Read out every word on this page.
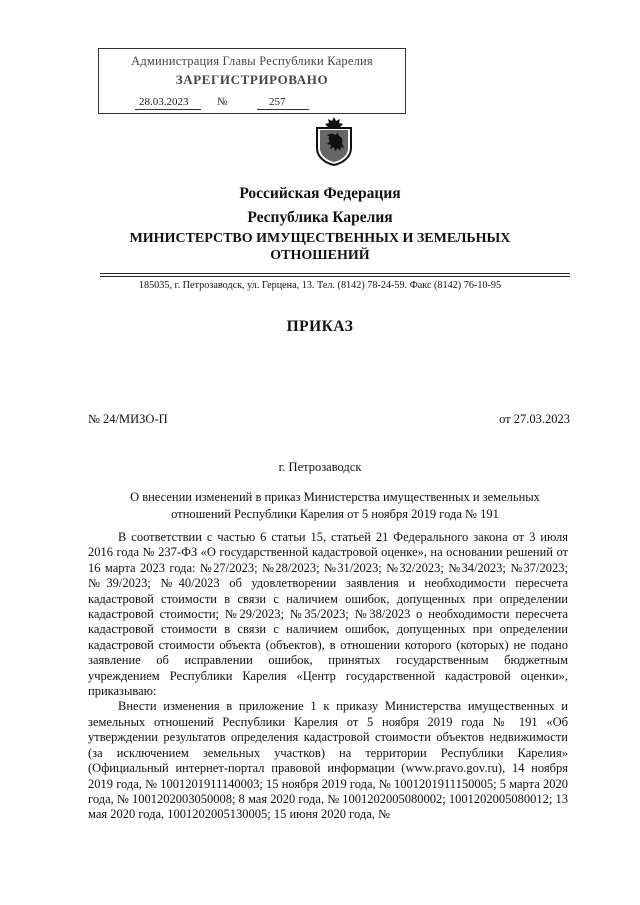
Администрация Главы Республики Карелия
ЗАРЕГИСТРИРОВАНО
28.03.2023	№	257
Российская Федерация
Республика Карелия
МИНИСТЕРСТВО ИМУЩЕСТВЕННЫХ И ЗЕМЕЛЬНЫХ ОТНОШЕНИЙ
185035, г. Петрозаводск, ул. Герцена, 13. Тел. (8142) 78-24-59. Факс (8142) 76-10-95
ПРИКАЗ
№ 24/МИЗО-П	от 27.03.2023
г. Петрозаводск
О внесении изменений в приказ Министерства имущественных и земельных отношений Республики Карелия от 5 ноября 2019 года № 191

В соответствии с частью 6 статьи 15, статьей 21 Федерального закона от 3 июля 2016 года № 237-ФЗ «О государственной кадастровой оценке», на основании решений от 16 марта 2023 года: №27/2023; №28/2023; №31/2023; №32/2023; №34/2023; №37/2023; №39/2023; №40/2023 об удовлетворении заявления и необходимости пересчета кадастровой стоимости в связи с наличием ошибок, допущенных при определении кадастровой стоимости; №29/2023; №35/2023; №38/2023 о необходимости пересчета кадастровой стоимости в связи с наличием ошибок, допущенных при определении кадастровой стоимости объекта (объектов), в отношении которого (которых) не подано заявление об исправлении ошибок, принятых государственным бюджетным учреждением Республики Карелия «Центр государственной кадастровой оценки», приказываю:

Внести изменения в приложение 1 к приказу Министерства имущественных и земельных отношений Республики Карелия от 5 ноября 2019 года № 191 «Об утверждении результатов определения кадастровой стоимости объектов недвижимости (за исключением земельных участков) на территории Республики Карелия» (Официальный интернет-портал правовой информации (www.pravo.gov.ru), 14 ноября 2019 года, № 1001201911140003; 15 ноября 2019 года, № 1001201911150005; 5 марта 2020 года, № 1001202003050008; 8 мая 2020 года, № 1001202005080002; 1001202005080012; 13 мая 2020 года, 1001202005130005; 15 июня 2020 года, №
